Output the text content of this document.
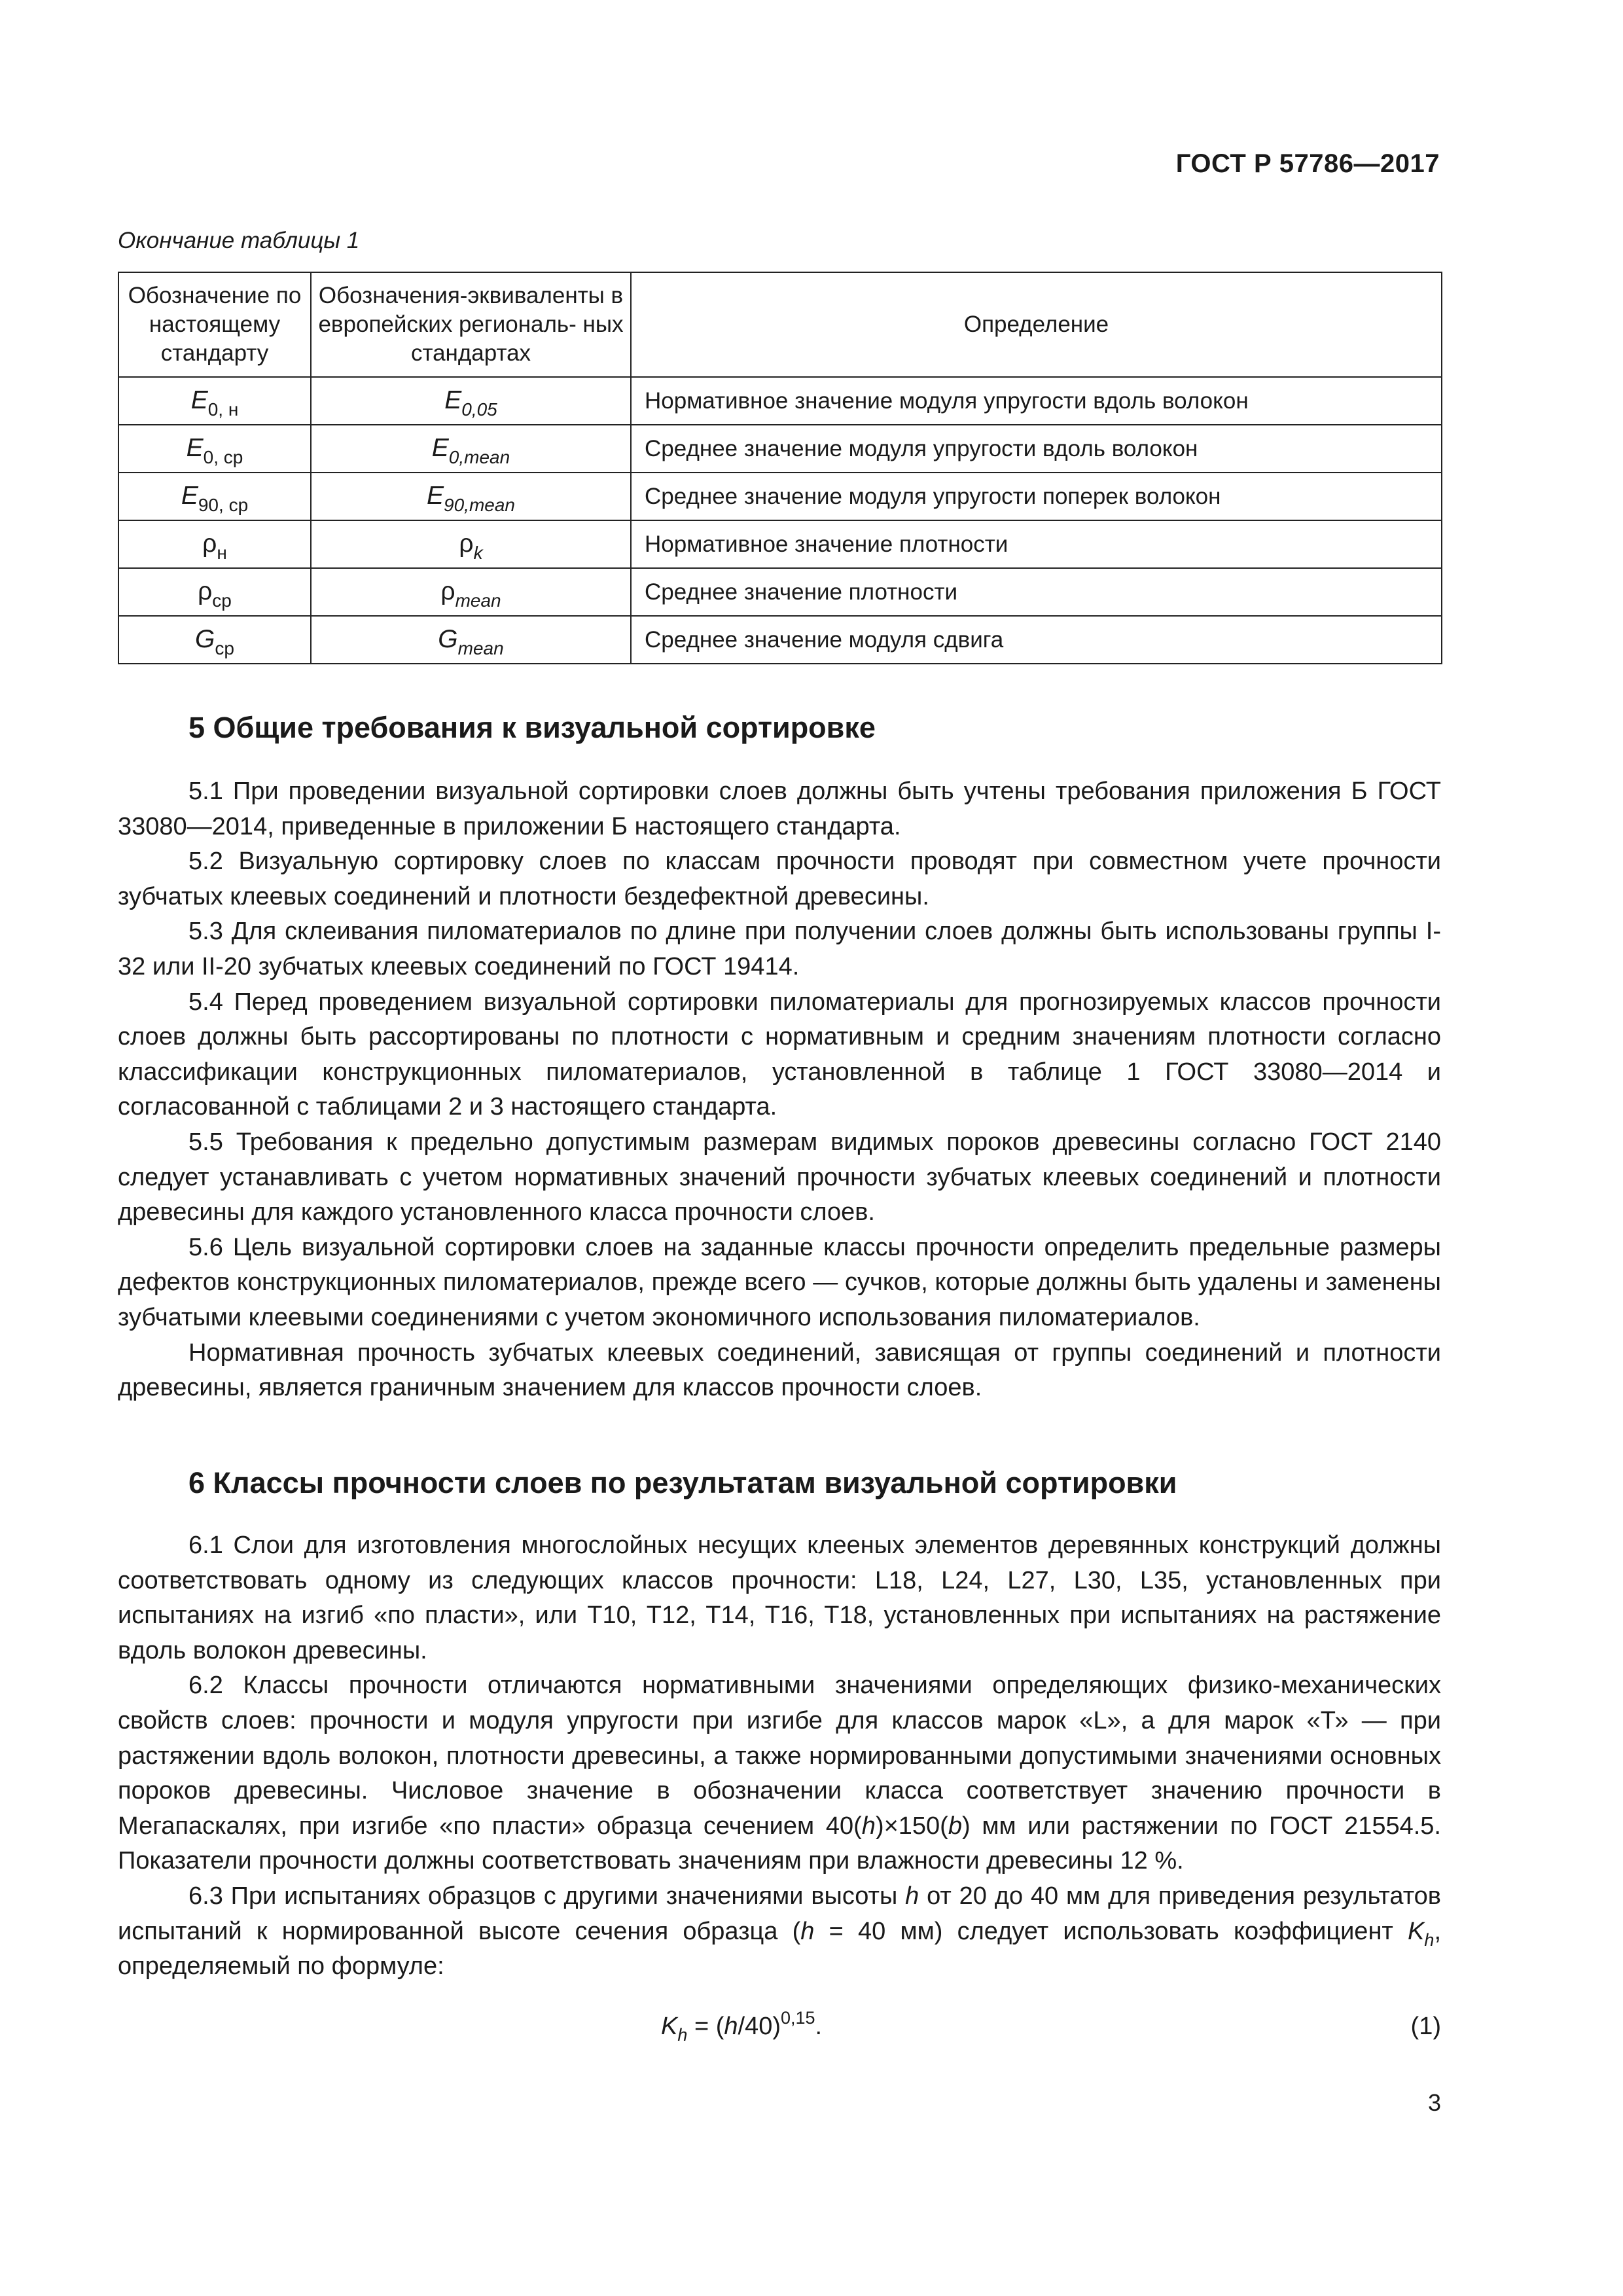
ГОСТ Р 57786—2017
Окончание таблицы 1
Обозначение по настоящему стандарту	Обозначения-эквиваленты в европейских региональ- ных стандартах	Определение
$E_{0, н}$	$E_{0,05}$	Нормативное значение модуля упругости вдоль волокон
$E_{0, ср}$	$E_{0,mean}$	Среднее значение модуля упругости вдоль волокон
$E_{90, ср}$	$E_{90,mean}$	Среднее значение модуля упругости поперек волокон
$\rho_н$	$\rho_k$	Нормативное значение плотности
$\rho_{ср}$	$\rho_{mean}$	Среднее значение плотности
$G_{ср}$	$G_{mean}$	Среднее значение модуля сдвига
5 Общие требования к визуальной сортировке

5.1 При проведении визуальной сортировки слоев должны быть учтены требования приложения Б ГОСТ 33080—2014, приведенные в приложении Б настоящего стандарта.

5.2 Визуальную сортировку слоев по классам прочности проводят при совместном учете прочности зубчатых клеевых соединений и плотности бездефектной древесины.

5.3 Для склеивания пиломатериалов по длине при получении слоев должны быть использованы группы I-32 или II-20 зубчатых клеевых соединений по ГОСТ 19414.

5.4 Перед проведением визуальной сортировки пиломатериалы для прогнозируемых классов прочности слоев должны быть рассортированы по плотности с нормативным и средним значениям плотности согласно классификации конструкционных пиломатериалов, установленной в таблице 1 ГОСТ 33080—2014 и согласованной с таблицами 2 и 3 настоящего стандарта.

5.5 Требования к предельно допустимым размерам видимых пороков древесины согласно ГОСТ 2140 следует устанавливать с учетом нормативных значений прочности зубчатых клеевых соединений и плотности древесины для каждого установленного класса прочности слоев.

5.6 Цель визуальной сортировки слоев на заданные классы прочности определить предельные размеры дефектов конструкционных пиломатериалов, прежде всего — сучков, которые должны быть удалены и заменены зубчатыми клеевыми соединениями с учетом экономичного использования пиломатериалов.

Нормативная прочность зубчатых клеевых соединений, зависящая от группы соединений и плотности древесины, является граничным значением для классов прочности слоев.

6 Классы прочности слоев по результатам визуальной сортировки

6.1 Слои для изготовления многослойных несущих клееных элементов деревянных конструкций должны соответствовать одному из следующих классов прочности: L18, L24, L27, L30, L35, установленных при испытаниях на изгиб «по пласти», или T10, T12, T14, T16, T18, установленных при испытаниях на растяжение вдоль волокон древесины.

6.2 Классы прочности отличаются нормативными значениями определяющих физико-механических свойств слоев: прочности и модуля упругости при изгибе для классов марок «L», а для марок «Т» — при растяжении вдоль волокон, плотности древесины, а также нормированными допустимыми значениями основных пороков древесины. Числовое значение в обозначении класса соответствует значению прочности в Мегапаскалях, при изгибе «по пласти» образца сечением 40(h)×150(b) мм или растяжении по ГОСТ 21554.5. Показатели прочности должны соответствовать значениям при влажности древесины 12 %.

6.3 При испытаниях образцов с другими значениями высоты h от 20 до 40 мм для приведения результатов испытаний к нормированной высоте сечения образца (h = 40 мм) следует использовать коэффициент $K_h$, определяемый по формуле:

$K_h = (h/40)^{0,15}$.	(1)
3
